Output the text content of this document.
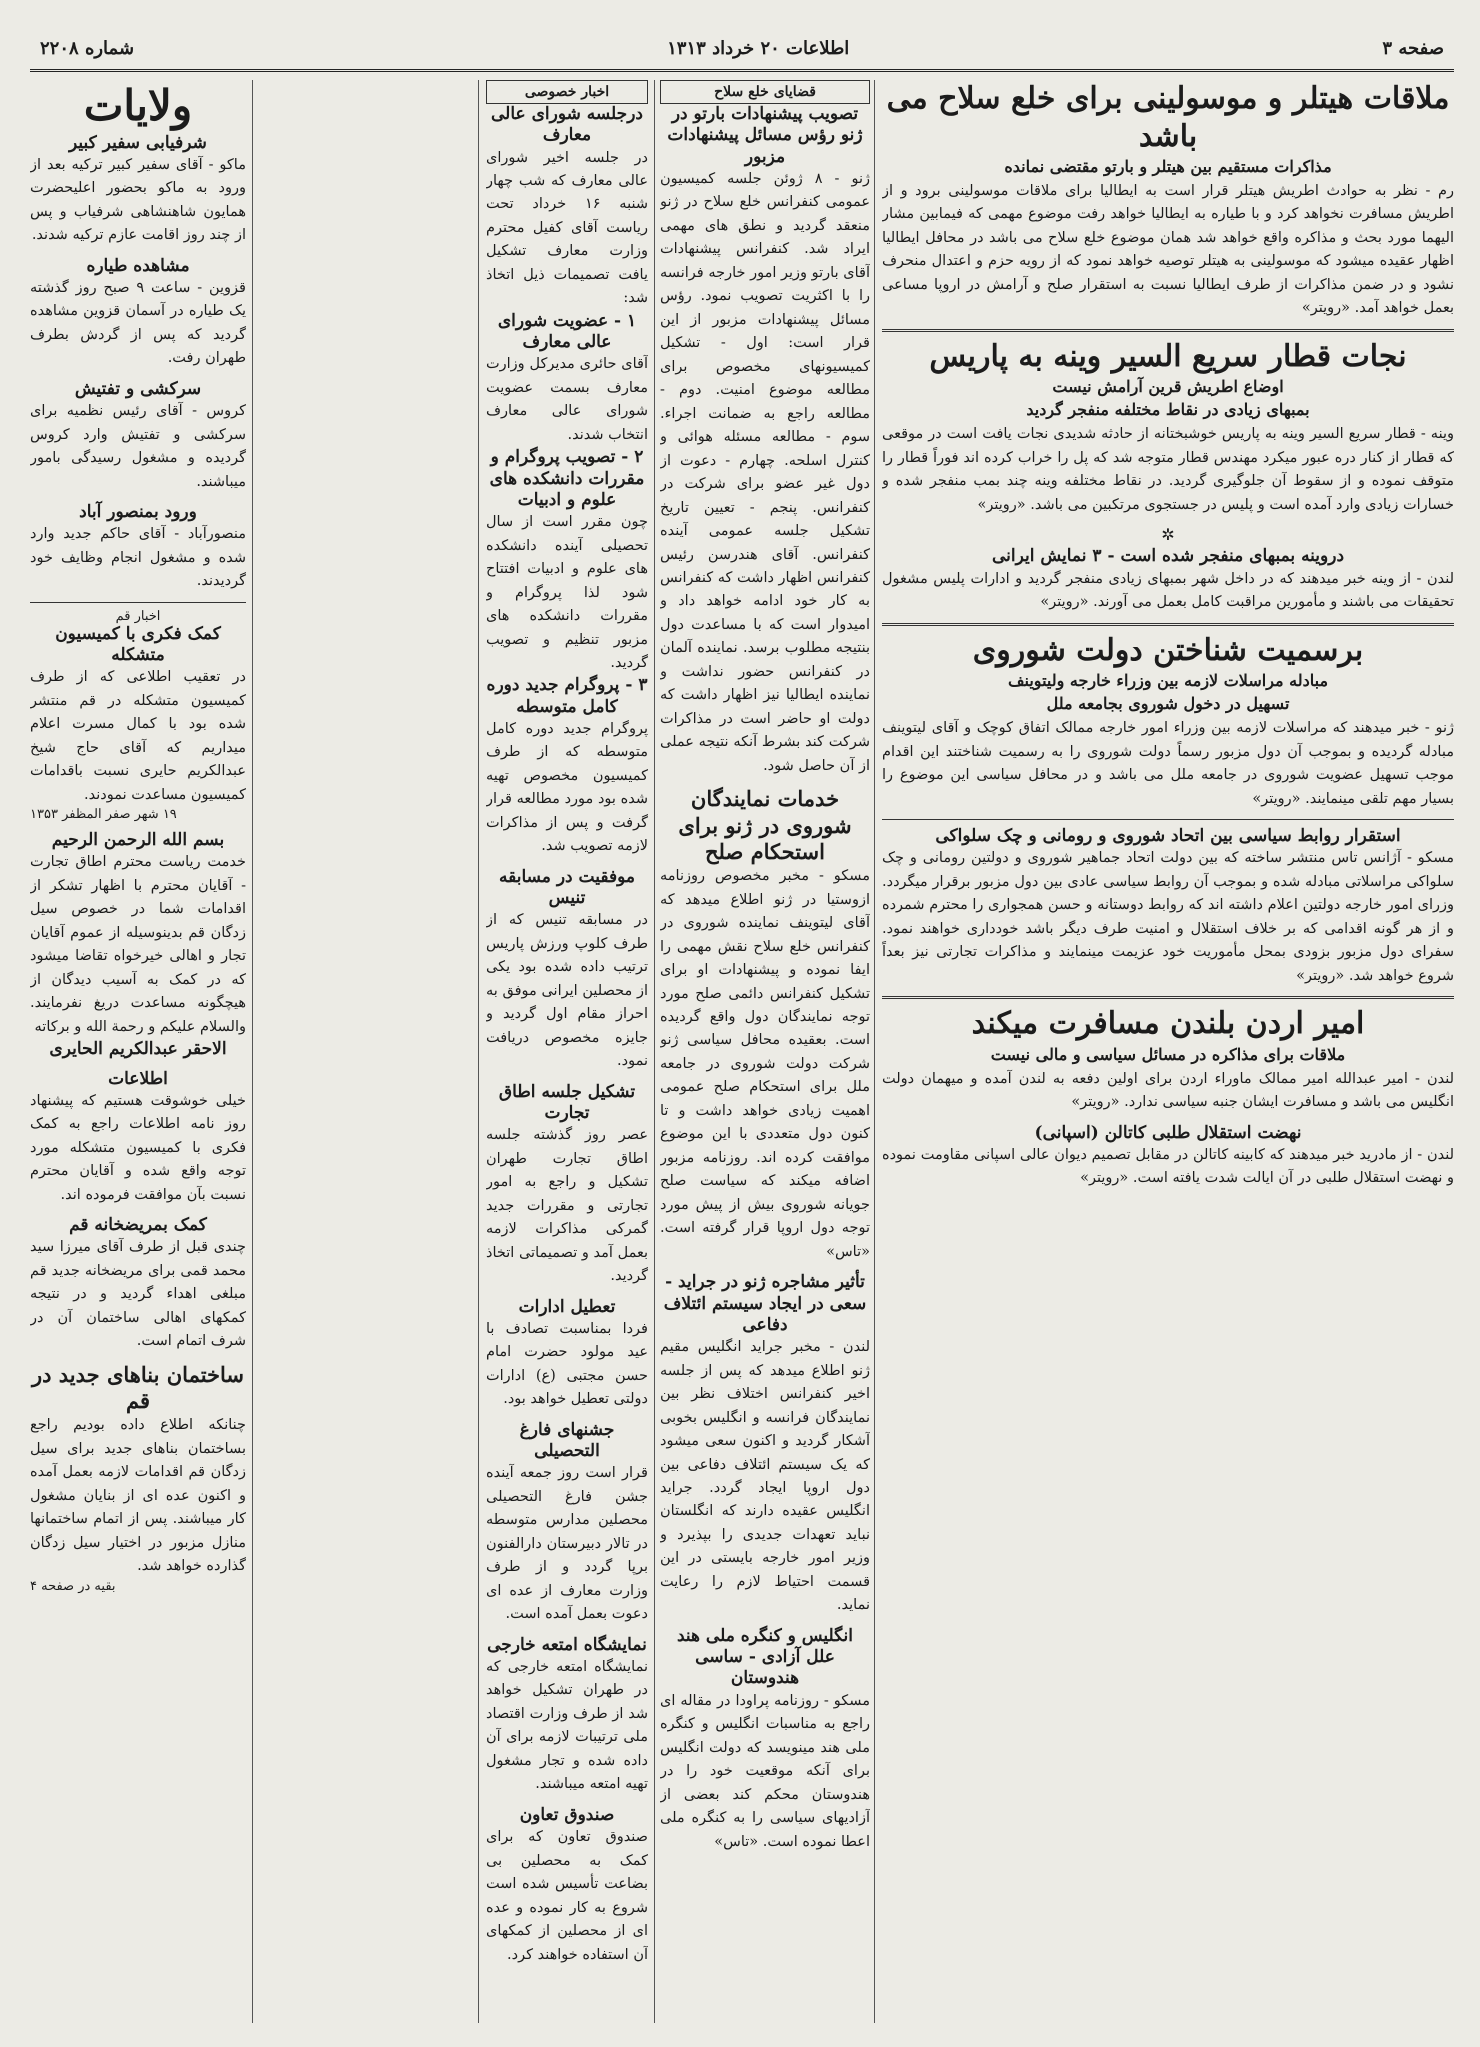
صفحه ۳
اطلاعات ۲۰ خرداد ۱۳۱۳
شماره ۲۲۰۸
ملاقات هیتلر و موسولینی برای خلع سلاح می باشد
مذاکرات مستقیم بین هیتلر و بارتو مقتضی نمانده
رم - نظر به حوادث اطریش هیتلر قرار است به ایطالیا برای ملاقات موسولینی برود و از اطریش مسافرت نخواهد کرد و با طیاره به ایطالیا خواهد رفت موضوع مهمی که فیمابین مشار الیهما مورد بحث و مذاکره واقع خواهد شد همان موضوع خلع سلاح می باشد در محافل ایطالیا اظهار عقیده میشود که موسولینی به هیتلر توصیه خواهد نمود که از رویه حزم و اعتدال منحرف نشود و در ضمن مذاکرات از طرف ایطالیا نسبت به استقرار صلح و آرامش در اروپا مساعی بعمل خواهد آمد. «رویتر»
نجات قطار سریع السیر وینه به پاریس
اوضاع اطریش قرین آرامش نیست
بمبهای زیادی در نقاط مختلفه منفجر گردید
وینه - قطار سریع السیر وینه به پاریس خوشبختانه از حادثه شدیدی نجات یافت است در موقعی که قطار از کنار دره عبور میکرد مهندس قطار متوجه شد که پل را خراب کرده اند فوراً قطار را متوقف نموده و از سقوط آن جلوگیری گردید. در نقاط مختلفه وینه چند بمب منفجر شده و خسارات زیادی وارد آمده است و پلیس در جستجوی مرتکبین می باشد. «رویتر»
✲
دروینه بمبهای منفجر شده است - ۳ نمایش ایرانی
لندن - از وینه خبر میدهند که در داخل شهر بمبهای زیادی منفجر گردید و ادارات پلیس مشغول تحقیقات می باشند و مأمورین مراقبت کامل بعمل می آورند. «رویتر»
برسمیت شناختن دولت شوروی
مبادله مراسلات لازمه بین وزراء خارجه ولیتوینف
تسهیل در دخول شوروی بجامعه ملل
ژنو - خبر میدهند که مراسلات لازمه بین وزراء امور خارجه ممالک اتفاق کوچک و آقای لیتوینف مبادله گردیده و بموجب آن دول مزبور رسماً دولت شوروی را به رسمیت شناختند این اقدام موجب تسهیل عضویت شوروی در جامعه ملل می باشد و در محافل سیاسی این موضوع را بسیار مهم تلقی مینمایند. «رویتر»
استقرار روابط سیاسی بین اتحاد شوروی و رومانی و چک سلواکی
مسکو - آژانس تاس منتشر ساخته که بین دولت اتحاد جماهیر شوروی و دولتین رومانی و چک سلواکی مراسلاتی مبادله شده و بموجب آن روابط سیاسی عادی بین دول مزبور برقرار میگردد. وزرای امور خارجه دولتین اعلام داشته اند که روابط دوستانه و حسن همجواری را محترم شمرده و از هر گونه اقدامی که بر خلاف استقلال و امنیت طرف دیگر باشد خودداری خواهند نمود. سفرای دول مزبور بزودی بمحل مأموریت خود عزیمت مینمایند و مذاکرات تجارتی نیز بعداً شروع خواهد شد. «رویتر»
امیر اردن بلندن مسافرت میکند
ملاقات برای مذاکره در مسائل سیاسی و مالی نیست
لندن - امیر عبدالله امیر ممالک ماوراء اردن برای اولین دفعه به لندن آمده و میهمان دولت انگلیس می باشد و مسافرت ایشان جنبه سیاسی ندارد. «رویتر»
نهضت استقلال طلبی کاتالن (اسپانی)
لندن - از مادرید خبر میدهند که کابینه کاتالن در مقابل تصمیم دیوان عالی اسپانی مقاومت نموده و نهضت استقلال طلبی در آن ایالت شدت یافته است. «رویتر»
قضایای خلع سلاح
تصویب پیشنهادات بارتو در ژنو رؤس مسائل پیشنهادات مزبور
ژنو - ۸ ژوئن جلسه کمیسیون عمومی کنفرانس خلع سلاح در ژنو منعقد گردید و نطق های مهمی ایراد شد. کنفرانس پیشنهادات آقای بارتو وزیر امور خارجه فرانسه را با اکثریت تصویب نمود. رؤس مسائل پیشنهادات مزبور از این قرار است: اول - تشکیل کمیسیونهای مخصوص برای مطالعه موضوع امنیت. دوم - مطالعه راجع به ضمانت اجراء. سوم - مطالعه مسئله هوائی و کنترل اسلحه. چهارم - دعوت از دول غیر عضو برای شرکت در کنفرانس. پنجم - تعیین تاریخ تشکیل جلسه عمومی آینده کنفرانس. آقای هندرسن رئیس کنفرانس اظهار داشت که کنفرانس به کار خود ادامه خواهد داد و امیدوار است که با مساعدت دول بنتیجه مطلوب برسد. نماینده آلمان در کنفرانس حضور نداشت و نماینده ایطالیا نیز اظهار داشت که دولت او حاضر است در مذاکرات شرکت کند بشرط آنکه نتیجه عملی از آن حاصل شود.
خدمات نمایندگان شوروی در ژنو برای استحکام صلح
مسکو - مخبر مخصوص روزنامه ازوستیا در ژنو اطلاع میدهد که آقای لیتوینف نماینده شوروی در کنفرانس خلع سلاح نقش مهمی را ایفا نموده و پیشنهادات او برای تشکیل کنفرانس دائمی صلح مورد توجه نمایندگان دول واقع گردیده است. بعقیده محافل سیاسی ژنو شرکت دولت شوروی در جامعه ملل برای استحکام صلح عمومی اهمیت زیادی خواهد داشت و تا کنون دول متعددی با این موضوع موافقت کرده اند. روزنامه مزبور اضافه میکند که سیاست صلح جویانه شوروی بیش از پیش مورد توجه دول اروپا قرار گرفته است. «تاس»
تأثیر مشاجره ژنو در جراید - سعی در ایجاد سیستم ائتلاف دفاعی
لندن - مخبر جراید انگلیس مقیم ژنو اطلاع میدهد که پس از جلسه اخیر کنفرانس اختلاف نظر بین نمایندگان فرانسه و انگلیس بخوبی آشکار گردید و اکنون سعی میشود که یک سیستم ائتلاف دفاعی بین دول اروپا ایجاد گردد. جراید انگلیس عقیده دارند که انگلستان نباید تعهدات جدیدی را بپذیرد و وزیر امور خارجه بایستی در این قسمت احتیاط لازم را رعایت نماید.
انگلیس و کنگره ملی هند علل آزادی - ساسی هندوستان
مسکو - روزنامه پراودا در مقاله ای راجع به مناسبات انگلیس و کنگره ملی هند مینویسد که دولت انگلیس برای آنکه موقعیت خود را در هندوستان محکم کند بعضی از آزادیهای سیاسی را به کنگره ملی اعطا نموده است. «تاس»
اخبار خصوصی
درجلسه شورای عالی معارف
در جلسه اخیر شورای عالی معارف که شب چهار شنبه ۱۶ خرداد تحت ریاست آقای کفیل محترم وزارت معارف تشکیل یافت تصمیمات ذیل اتخاذ شد:
۱ - عضویت شورای عالی معارف
آقای حائری مدیرکل وزارت معارف بسمت عضویت شورای عالی معارف انتخاب شدند.
۲ - تصویب پروگرام و مقررات دانشکده های علوم و ادبیات
چون مقرر است از سال تحصیلی آینده دانشکده های علوم و ادبیات افتتاح شود لذا پروگرام و مقررات دانشکده های مزبور تنظیم و تصویب گردید.
۳ - پروگرام جدید دوره کامل متوسطه
پروگرام جدید دوره کامل متوسطه که از طرف کمیسیون مخصوص تهیه شده بود مورد مطالعه قرار گرفت و پس از مذاکرات لازمه تصویب شد.
موفقیت در مسابقه تنیس
در مسابقه تنیس که از طرف کلوپ ورزش پاریس ترتیب داده شده بود یکی از محصلین ایرانی موفق به احراز مقام اول گردید و جایزه مخصوص دریافت نمود.
تشکیل جلسه اطاق تجارت
عصر روز گذشته جلسه اطاق تجارت طهران تشکیل و راجع به امور تجارتی و مقررات جدید گمرکی مذاکرات لازمه بعمل آمد و تصمیماتی اتخاذ گردید.
تعطیل ادارات
فردا بمناسبت تصادف با عید مولود حضرت امام حسن مجتبی (ع) ادارات دولتی تعطیل خواهد بود.
جشنهای فارغ التحصیلی
قرار است روز جمعه آینده جشن فارغ التحصیلی محصلین مدارس متوسطه در تالار دبیرستان دارالفنون برپا گردد و از طرف وزارت معارف از عده ای دعوت بعمل آمده است.
نمایشگاه امتعه خارجی
نمایشگاه امتعه خارجی که در طهران تشکیل خواهد شد از طرف وزارت اقتصاد ملی ترتیبات لازمه برای آن داده شده و تجار مشغول تهیه امتعه میباشند.
صندوق تعاون
صندوق تعاون که برای کمک به محصلین بی بضاعت تأسیس شده است شروع به کار نموده و عده ای از محصلین از کمکهای آن استفاده خواهند کرد.
ولایات
شرفیابی سفیر کبیر
ماکو - آقای سفیر کبیر ترکیه بعد از ورود به ماکو بحضور اعلیحضرت همایون شاهنشاهی شرفیاب و پس از چند روز اقامت عازم ترکیه شدند.
مشاهده طیاره
قزوین - ساعت ۹ صبح روز گذشته یک طیاره در آسمان قزوین مشاهده گردید که پس از گردش بطرف طهران رفت.
سرکشی و تفتیش
کروس - آقای رئیس نظمیه برای سرکشی و تفتیش وارد کروس گردیده و مشغول رسیدگی بامور میباشند.
ورود بمنصور آباد
منصورآباد - آقای حاکم جدید وارد شده و مشغول انجام وظایف خود گردیدند.
اخبار قم
کمک فکری با کمیسیون متشکله
در تعقیب اطلاعی که از طرف کمیسیون متشکله در قم منتشر شده بود با کمال مسرت اعلام میداریم که آقای حاج شیخ عبدالکریم حایری نسبت باقدامات کمیسیون مساعدت نمودند.
۱۹ شهر صفر المظفر ۱۳۵۳
بسم الله الرحمن الرحیم
خدمت ریاست محترم اطاق تجارت - آقایان محترم با اظهار تشکر از اقدامات شما در خصوص سیل زدگان قم بدینوسیله از عموم آقایان تجار و اهالی خیرخواه تقاضا میشود که در کمک به آسیب دیدگان از هیچگونه مساعدت دریغ نفرمایند. والسلام علیکم و رحمة الله و برکاته
الاحقر عبدالکریم الحایری
اطلاعات
خیلی خوشوقت هستیم که پیشنهاد روز نامه اطلاعات راجع به کمک فکری با کمیسیون متشکله مورد توجه واقع شده و آقایان محترم نسبت بآن موافقت فرموده اند.
کمک بمریضخانه قم
چندی قبل از طرف آقای میرزا سید محمد قمی برای مریضخانه جدید قم مبلغی اهداء گردید و در نتیجه کمکهای اهالی ساختمان آن در شرف اتمام است.
ساختمان بناهای جدید در قم
چنانکه اطلاع داده بودیم راجع بساختمان بناهای جدید برای سیل زدگان قم اقدامات لازمه بعمل آمده و اکنون عده ای از بنایان مشغول کار میباشند. پس از اتمام ساختمانها منازل مزبور در اختیار سیل زدگان گذارده خواهد شد.
بقیه در صفحه ۴
